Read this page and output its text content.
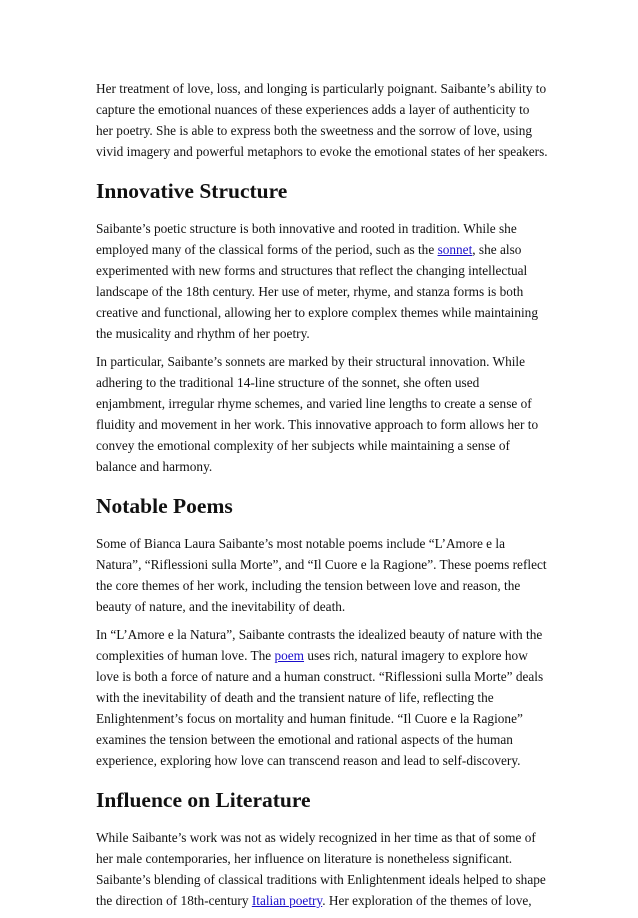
Her treatment of love, loss, and longing is particularly poignant. Saibante’s ability to capture the emotional nuances of these experiences adds a layer of authenticity to her poetry. She is able to express both the sweetness and the sorrow of love, using vivid imagery and powerful metaphors to evoke the emotional states of her speakers.

Innovative Structure

Saibante’s poetic structure is both innovative and rooted in tradition. While she employed many of the classical forms of the period, such as the sonnet, she also experimented with new forms and structures that reflect the changing intellectual landscape of the 18th century. Her use of meter, rhyme, and stanza forms is both creative and functional, allowing her to explore complex themes while maintaining the musicality and rhythm of her poetry.

In particular, Saibante’s sonnets are marked by their structural innovation. While adhering to the traditional 14-line structure of the sonnet, she often used enjambment, irregular rhyme schemes, and varied line lengths to create a sense of fluidity and movement in her work. This innovative approach to form allows her to convey the emotional complexity of her subjects while maintaining a sense of balance and harmony.

Notable Poems

Some of Bianca Laura Saibante’s most notable poems include “L’Amore e la Natura”, “Riflessioni sulla Morte”, and “Il Cuore e la Ragione”. These poems reflect the core themes of her work, including the tension between love and reason, the beauty of nature, and the inevitability of death.

In “L’Amore e la Natura”, Saibante contrasts the idealized beauty of nature with the complexities of human love. The poem uses rich, natural imagery to explore how love is both a force of nature and a human construct. “Riflessioni sulla Morte” deals with the inevitability of death and the transient nature of life, reflecting the Enlightenment’s focus on mortality and human finitude. “Il Cuore e la Ragione” examines the tension between the emotional and rational aspects of the human experience, exploring how love can transcend reason and lead to self-discovery.

Influence on Literature

While Saibante’s work was not as widely recognized in her time as that of some of her male contemporaries, her influence on literature is nonetheless significant. Saibante’s blending of classical traditions with Enlightenment ideals helped to shape the direction of 18th-century Italian poetry. Her exploration of the themes of love,
